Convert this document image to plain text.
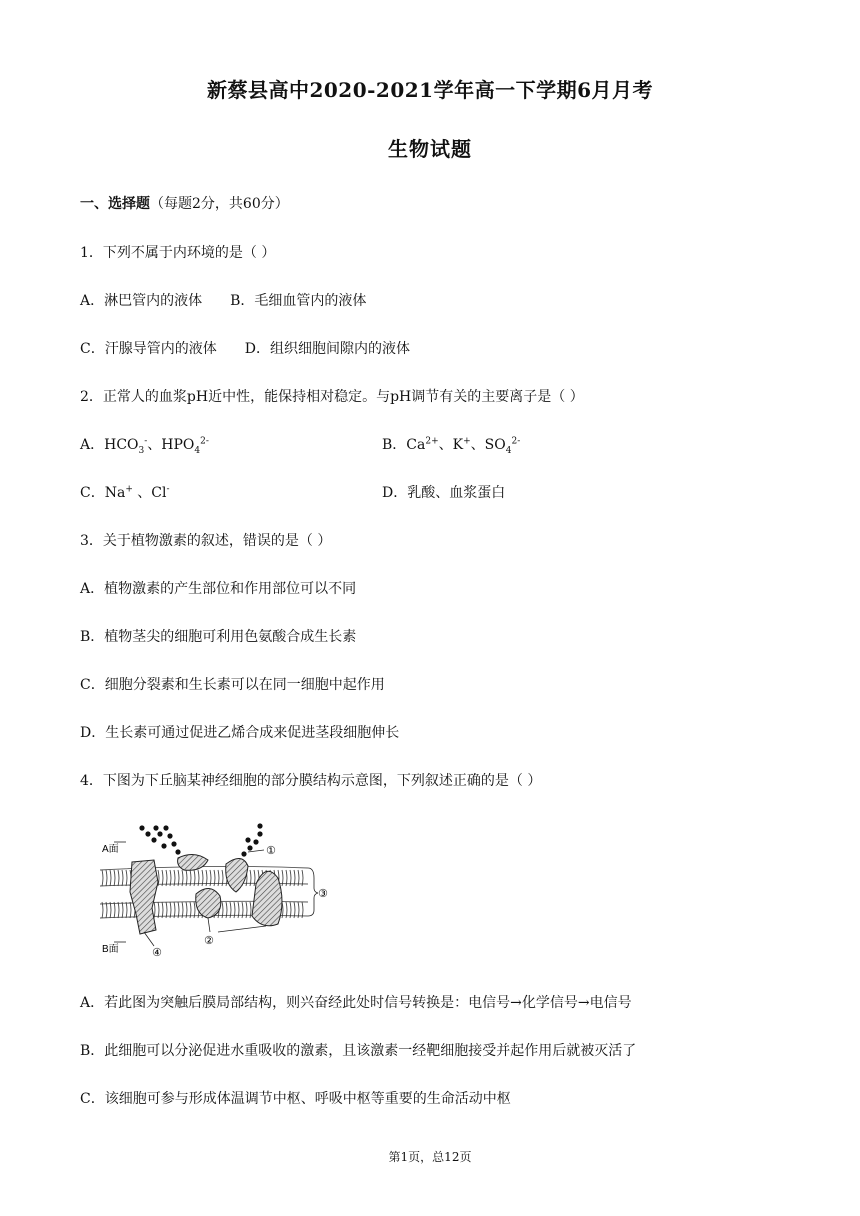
新蔡县高中2020-2021学年高一下学期6月月考
生物试题
一、选择题（每题2分，共60分）
1．下列不属于内环境的是（ ）
A．淋巴管内的液体 B．毛细血管内的液体
C．汗腺导管内的液体 D．组织细胞间隙内的液体
2．正常人的血浆pH近中性，能保持相对稳定。与pH调节有关的主要离子是（ ）
A．$HCO_3^-$、$HPO_4^{2-}$	B．$Ca^{2+}$、K+、$SO_4^{2-}$
C．Na+ 、Cl-	D．乳酸、血浆蛋白
3．关于植物激素的叙述，错误的是（ ）
A．植物激素的产生部位和作用部位可以不同
B．植物茎尖的细胞可利用色氨酸合成生长素
C．细胞分裂素和生长素可以在同一细胞中起作用
D．生长素可通过促进乙烯合成来促进茎段细胞伸长
4．下图为下丘脑某神经细胞的部分膜结构示意图，下列叙述正确的是（ ）
A面
B面
①
③
②
④
A．若此图为突触后膜局部结构，则兴奋经此处时信号转换是：电信号→化学信号→电信号
B．此细胞可以分泌促进水重吸收的激素，且该激素一经靶细胞接受并起作用后就被灭活了
C．该细胞可参与形成体温调节中枢、呼吸中枢等重要的生命活动中枢
第1页，总12页
